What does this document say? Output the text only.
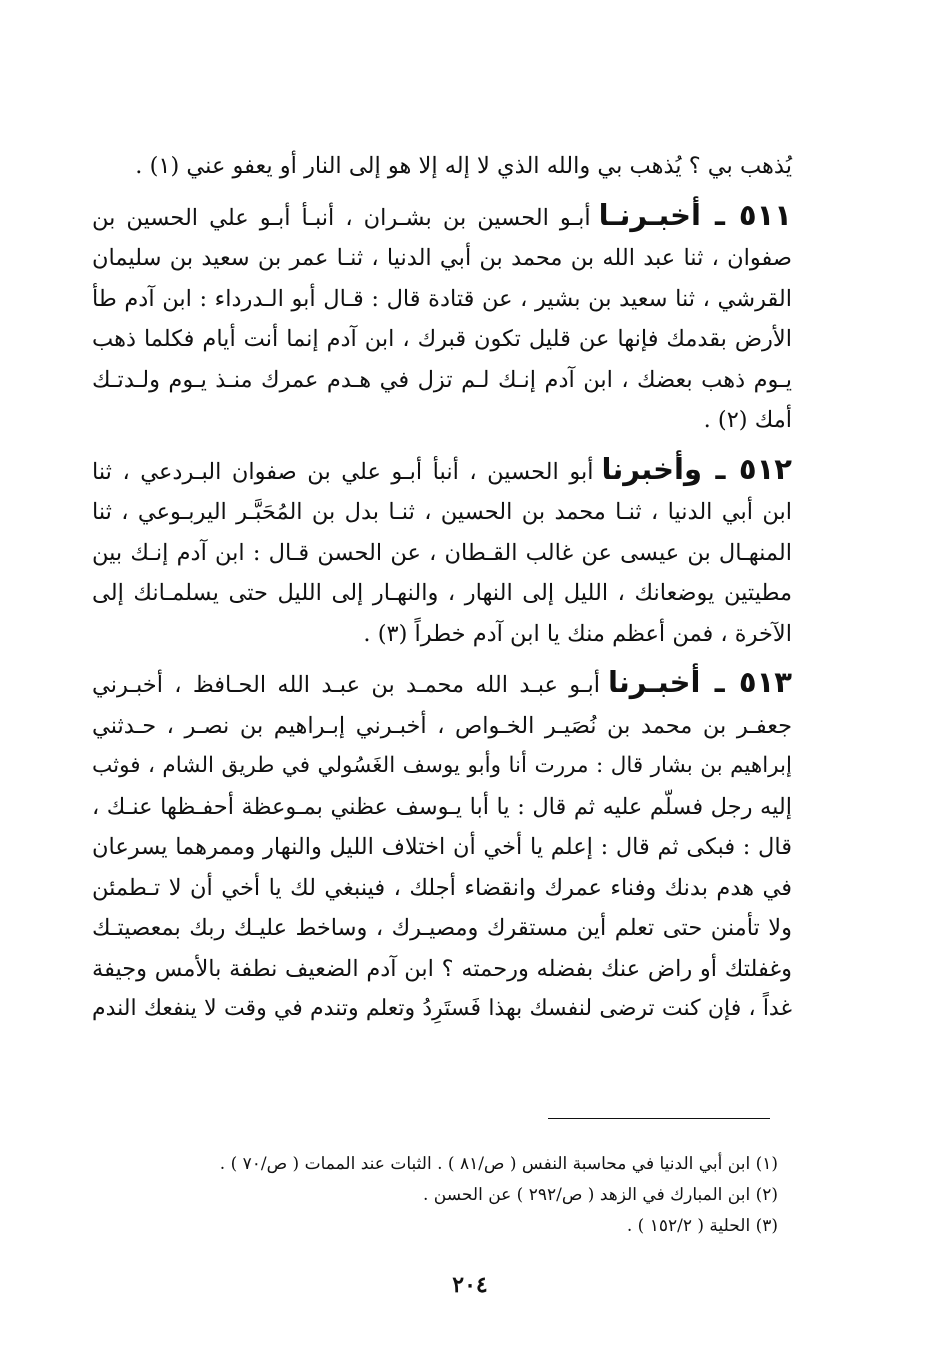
يُذهب بي ؟ يُذهب بي والله الذي لا إله إلا هو إلى النار أو يعفو عني (١) .
٥١١ ـ أخبـرنـاأبـو الحسين بن بشـران ، أنبـأ أبـو علي الحسين بن
صفوان ، ثنا عبد الله بن محمد بن أبي الدنيا ، ثنـا عمر بن سعيد بن سليمان
القرشي ، ثنا سعيد بن بشير ، عن قتادة قال : قـال أبو الـدرداء : ابن آدم طأ
الأرض بقدمك فإنها عن قليل تكون قبرك ، ابن آدم إنما أنت أيام فكلما ذهب
يـوم ذهب بعضك ، ابن آدم إنـك لـم تزل في هـدم عمرك منـذ يـوم ولـدتـك
أمك (٢) .
٥١٢ ـ وأخبرناأبو الحسين ، أنبأ أبـو علي بن صفوان البـردعي ، ثنا
ابن أبي الدنيا ، ثنـا محمد بن الحسين ، ثنـا بدل بن المُحَبَّـر اليربـوعي ، ثنا
المنهـال بن عيسى عن غالب القـطان ، عن الحسن قـال : ابن آدم إنـك بين
مطيتين يوضعانك ، الليل إلى النهار ، والنهـار إلى الليل حتى يسلمـانك إلى
الآخرة ، فمن أعظم منك يا ابن آدم خطراً (٣) .
٥١٣ ـ أخبـرناأبـو عبـد الله محمـد بن عبـد الله الحـافظ ، أخبـرني
جعفـر بن محمد بن نُصَيـر الخـواص ، أخبـرني إبـراهيم بن نصـر ، حـدثني
إبراهيم بن بشار قال : مررت أنا وأبو يوسف الغَسُولي في طريق الشام ، فوثب
إليه رجل فسلّم عليه ثم قال : يا أبا يـوسف عظني بمـوعظة أحفـظها عنـك ،
قال : فبكى ثم قال : إعلم يا أخي أن اختلاف الليل والنهار وممرهما يسرعان
في هدم بدنك وفناء عمرك وانقضاء أجلك ، فينبغي لك يا أخي أن لا تـطمئن
ولا تأمنن حتى تعلم أين مستقرك ومصيـرك ، وساخط عليـك ربك بمعصيتـك
وغفلتك أو راض عنك بفضله ورحمته ؟ ابن آدم الضعيف نطفة بالأمس وجيفة
غداً ، فإن كنت ترضى لنفسك بهذا فَستَرِدُ وتعلم وتندم في وقت لا ينفعك الندم
(١) ابن أبي الدنيا في محاسبة النفس ( ص/٨١ ) . الثبات عند الممات ( ص/٧٠ ) .
(٢) ابن المبارك في الزهد ( ص/٢٩٢ ) عن الحسن .
(٣) الحلية ( ١٥٢/٢ ) .
٢٠٤
